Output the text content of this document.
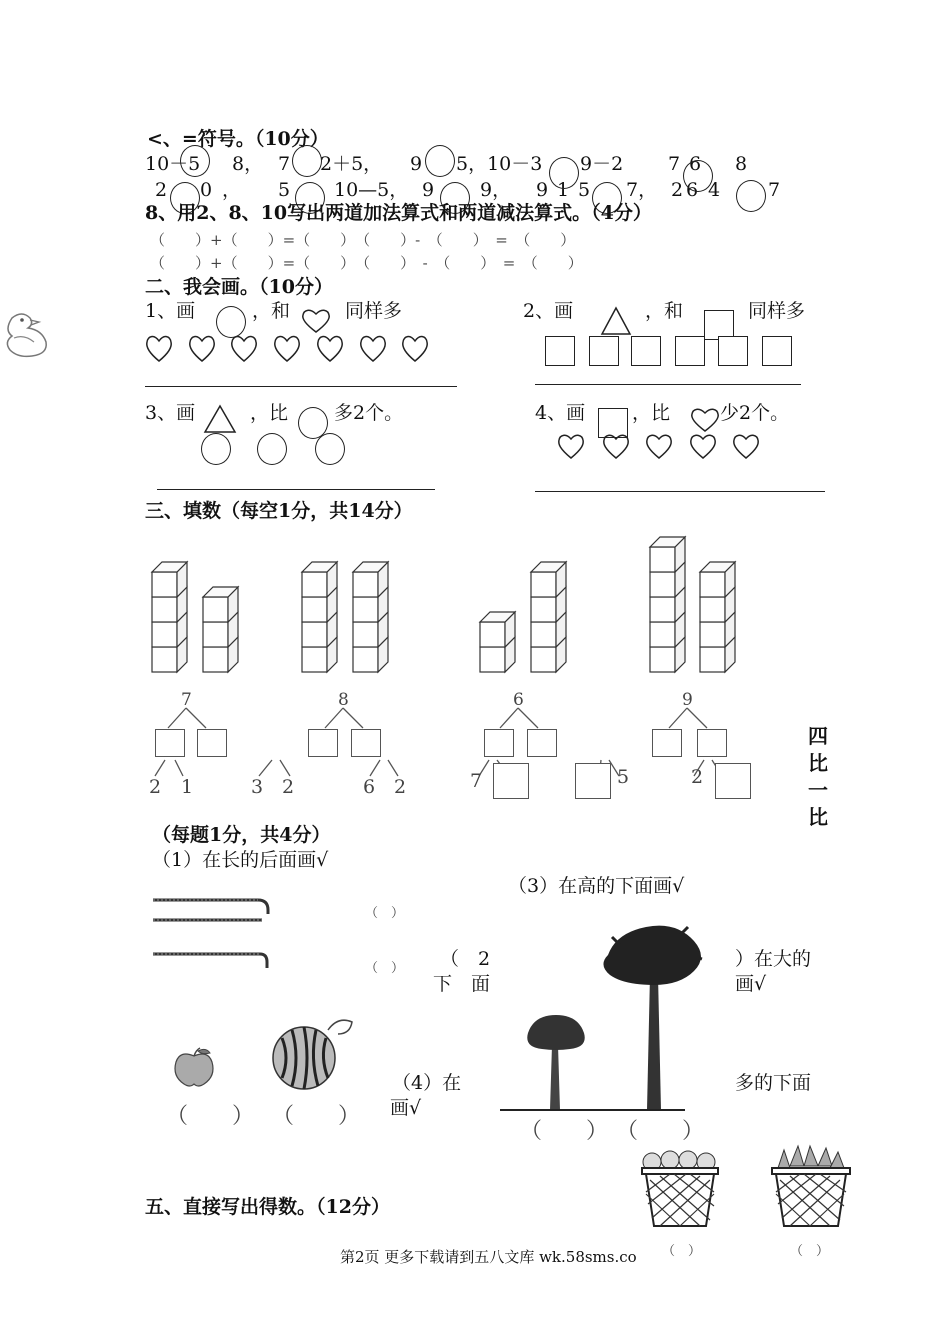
<、=符号。（10分）
10－5 8， 7 2＋5， 9 5，10－3 9－2 7 6 8
2 0 ， 5 10—5， 9 9， 9 1 5 7， 2 6 4	7
8、用2、8、10写出两道加法算式和两道减法算式。（4分）
（　　）+（　　）=（　　）　（　　）-　（　　）　=　（　　）
（　　）+（　　）=（　　）　（　　）　-　（　　）　=　（　　）
二、我会画。（10分）
1、画	，和	同样多	2、画	，和	同样多
3、画	，比 多2个。	4、画 ，比	少2个。
三、填数（每空1分，共14分）
7	8	6	9
2 1	3 2	6 2	7	5	2
四
比
一
比
（每题1分，共4分）
（1）在长的后面画√
（3）在高的下面画√
（　）
（　） （　2
下　面
）在大的
画√
（　　） （　　）
（　　） （　　）
（4）在
画√
多的下面
（　）	（　）
五、直接写出得数。（12分）
第2页 更多下载请到五八文库 wk.58sms.co
